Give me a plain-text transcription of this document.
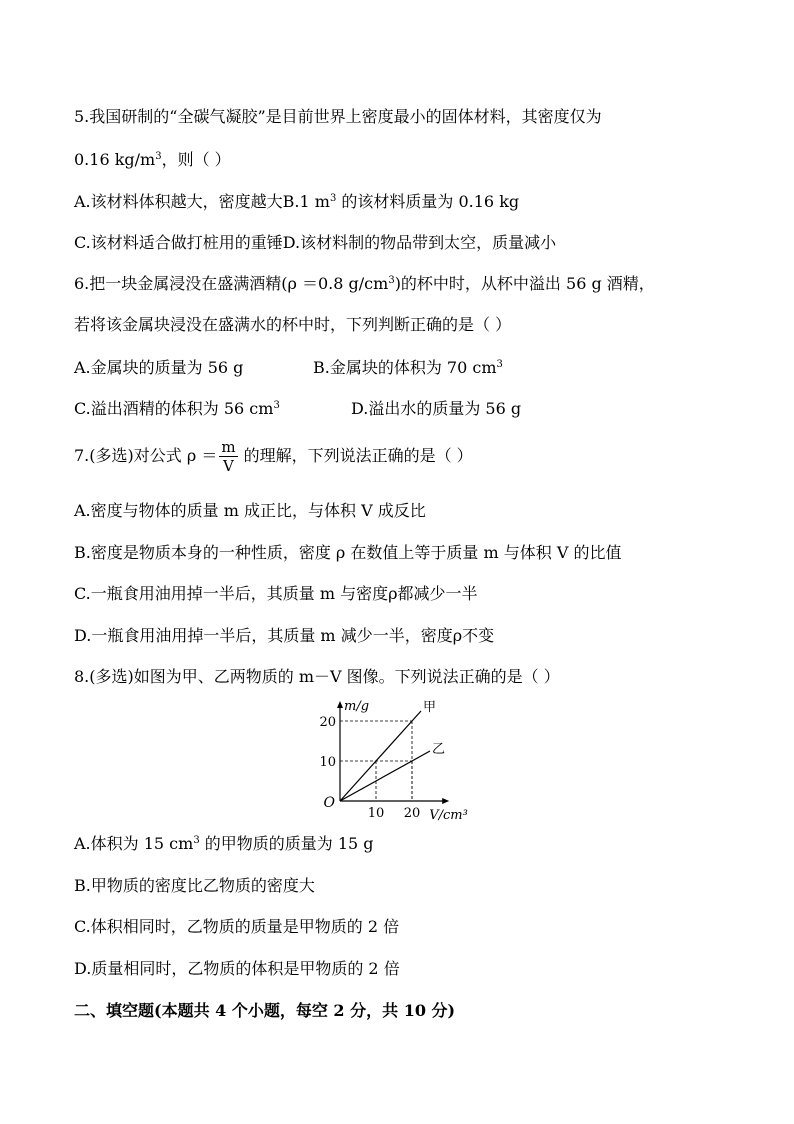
5.我国研制的“全碳气凝胶”是目前世界上密度最小的固体材料，其密度仅为
0.16 $kg/m^3$，则（ ）
A.该材料体积越大，密度越大B.1 $m^3$ 的该材料质量为 0.16 kg
C.该材料适合做打桩用的重锤D.该材料制的物品带到太空，质量减小
6.把一块金属浸没在盛满酒精(ρ ＝0.8 $g/cm^3$)的杯中时，从杯中溢出 56 g 酒精，
若将该金属块浸没在盛满水的杯中时，下列判断正确的是（ ）
A.金属块的质量为 56 g	B.金属块的体积为 70 $cm^3$
C.溢出酒精的体积为 56 $cm^3$	D.溢出水的质量为 56 g
7.(多选)对公式 $\rho = \frac{m}{V}$ 的理解，下列说法正确的是（ ）
A.密度与物体的质量 m 成正比，与体积 V 成反比
B.密度是物质本身的一种性质，密度 ρ 在数值上等于质量 m 与体积 V 的比值
C.一瓶食用油用掉一半后，其质量 m 与密度ρ都减少一半
D.一瓶食用油用掉一半后，其质量 m 减少一半，密度ρ不变
8.(多选)如图为甲、乙两物质的 m－V 图像。下列说法正确的是（ ）
甲
乙
10 20
10
20
O
m/g
V/cm³
A.体积为 15 $cm^3$ 的甲物质的质量为 15 g
B.甲物质的密度比乙物质的密度大
C.体积相同时，乙物质的质量是甲物质的 2 倍
D.质量相同时，乙物质的体积是甲物质的 2 倍
二、填空题(本题共 4 个小题，每空 2 分，共 10 分)
